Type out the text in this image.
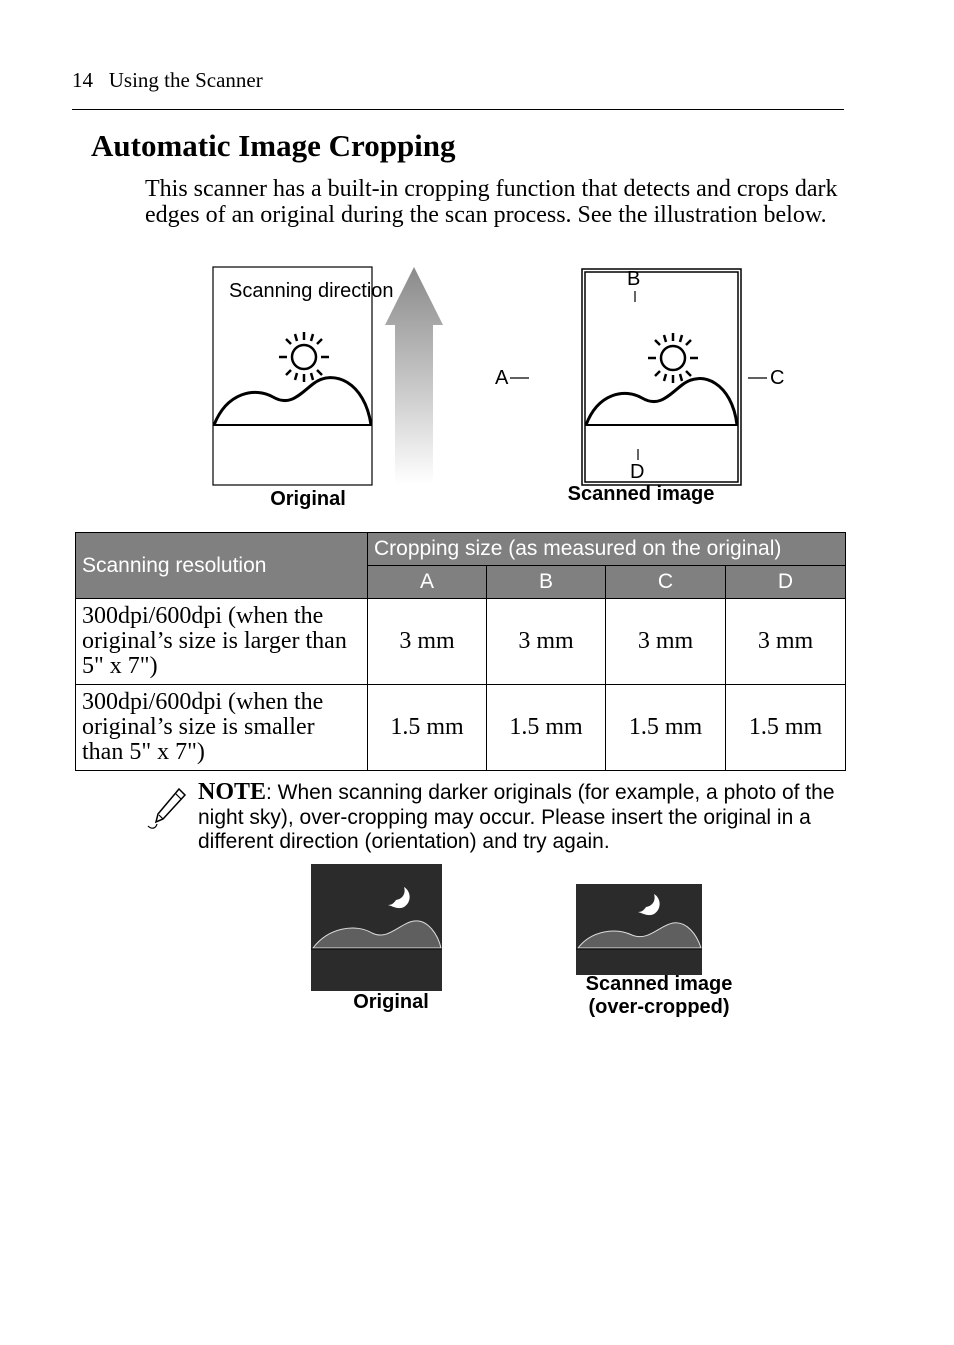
14 Using the Scanner
Automatic Image Cropping
This scanner has a built-in cropping function that detects and crops dark edges of an original during the scan process. See the illustration below.
Scanning direction
Original
B
D
A	C
Scanned image
Scanning resolution	Cropping size (as measured on the original)			
	A	B	C	D
300dpi/600dpi (when the original’s size is larger than 5" x 7")	3 mm	3 mm	3 mm	3 mm
300dpi/600dpi (when the original’s size is smaller than 5" x 7")	1.5 mm	1.5 mm	1.5 mm	1.5 mm
NOTE: When scanning darker originals (for example, a photo of the night sky), over-cropping may occur. Please insert the original in a different direction (orientation) and try again.
Original
Scanned image
(over-cropped)
